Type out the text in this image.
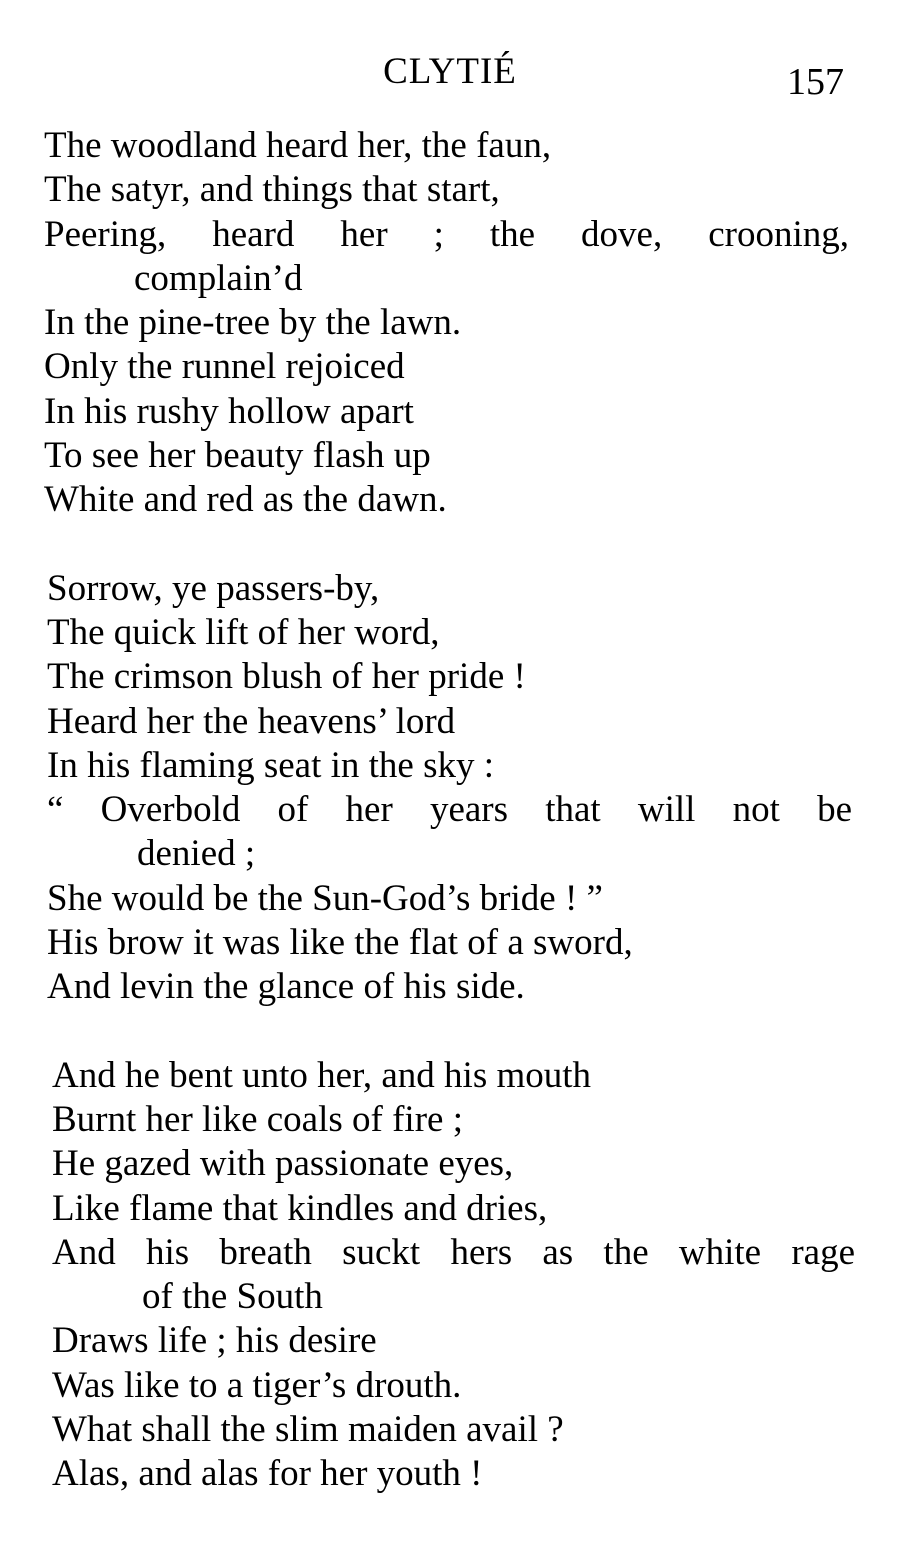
CLYTIÉ	157
The woodland heard her, the faun,
The satyr, and things that start,
Peering, heard her ; the dove, crooning,
complain’d
In the pine-tree by the lawn.
Only the runnel rejoiced
In his rushy hollow apart
To see her beauty flash up
White and red as the dawn.
Sorrow, ye passers-by,
The quick lift of her word,
The crimson blush of her pride !
Heard her the heavens’ lord
In his flaming seat in the sky :
“ Overbold of her years that will not be
denied ;
She would be the Sun-God’s bride ! ”
His brow it was like the flat of a sword,
And levin the glance of his side.
And he bent unto her, and his mouth
Burnt her like coals of fire ;
He gazed with passionate eyes,
Like flame that kindles and dries,
And his breath suckt hers as the white rage
of the South
Draws life ; his desire
Was like to a tiger’s drouth.
What shall the slim maiden avail ?
Alas, and alas for her youth !
